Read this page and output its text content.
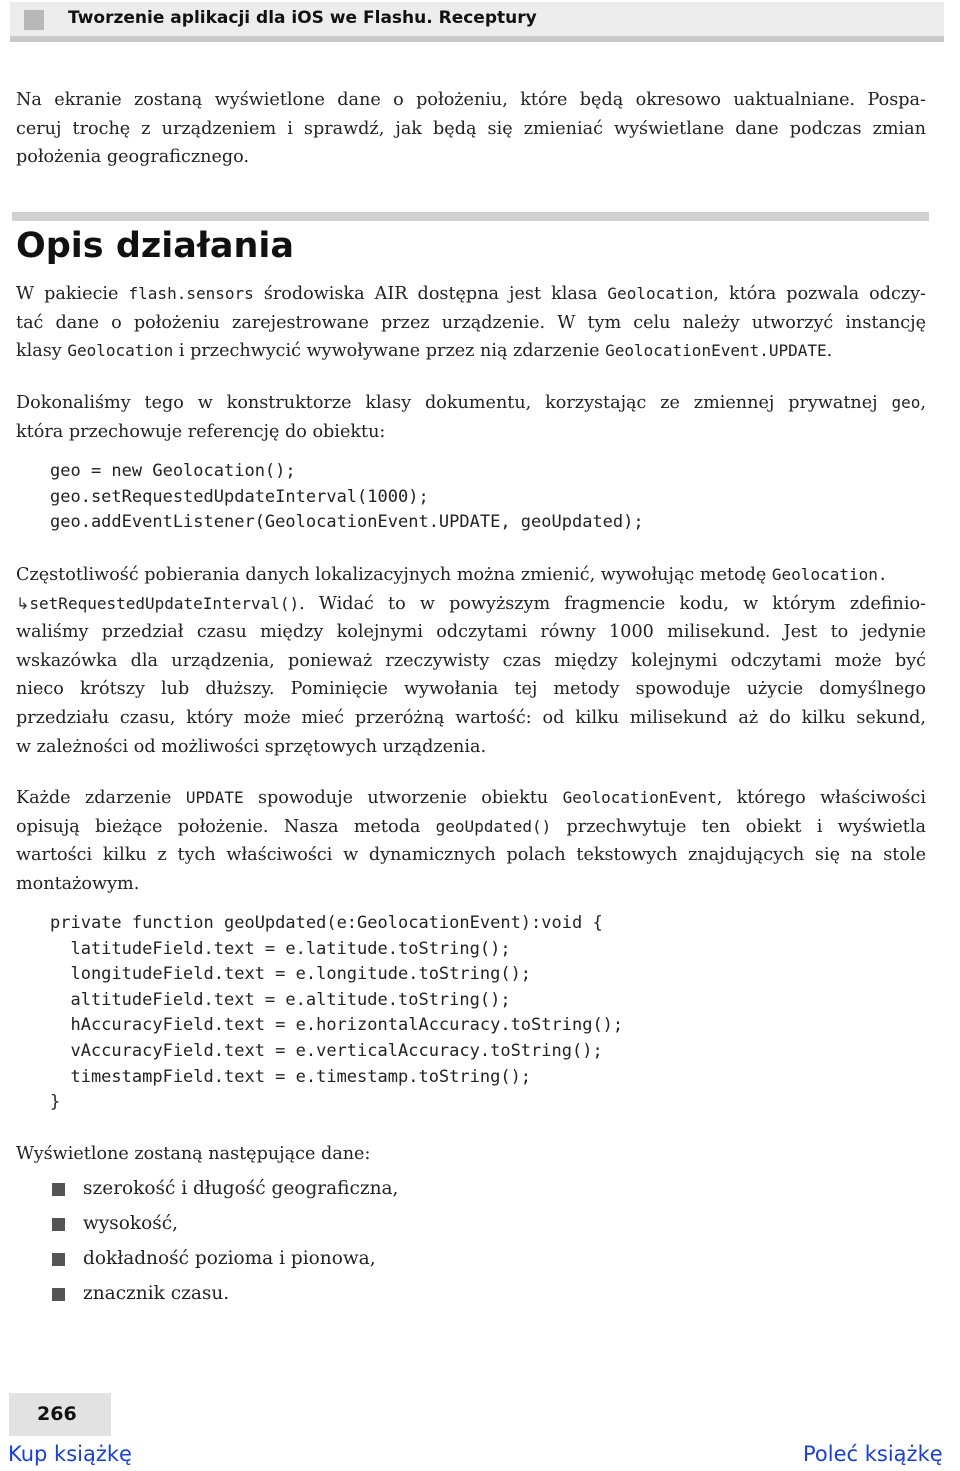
Tworzenie aplikacji dla iOS we Flashu. Receptury
Na ekranie zostaną wyświetlone dane o położeniu, które będą okresowo uaktualniane. Pospa-
ceruj trochę z urządzeniem i sprawdź, jak będą się zmieniać wyświetlane dane podczas zmian
położenia geograficznego.
Opis działania
W pakiecie flash.sensors środowiska AIR dostępna jest klasa Geolocation, która pozwala odczy-
tać dane o położeniu zarejestrowane przez urządzenie. W tym celu należy utworzyć instancję
klasy Geolocation i przechwycić wywoływane przez nią zdarzenie GeolocationEvent.UPDATE.
Dokonaliśmy tego w konstruktorze klasy dokumentu, korzystając ze zmiennej prywatnej geo,
która przechowuje referencję do obiektu:
geo = new Geolocation();
geo.setRequestedUpdateInterval(1000);
geo.addEventListener(GeolocationEvent.UPDATE, geoUpdated);
Częstotliwość pobierania danych lokalizacyjnych można zmienić, wywołując metodę Geolocation.
↳setRequestedUpdateInterval(). Widać to w powyższym fragmencie kodu, w którym zdefinio-
waliśmy przedział czasu między kolejnymi odczytami równy 1000 milisekund. Jest to jedynie
wskazówka dla urządzenia, ponieważ rzeczywisty czas między kolejnymi odczytami może być
nieco krótszy lub dłuższy. Pominięcie wywołania tej metody spowoduje użycie domyślnego
przedziału czasu, który może mieć przeróżną wartość: od kilku milisekund aż do kilku sekund,
w zależności od możliwości sprzętowych urządzenia.
Każde zdarzenie UPDATE spowoduje utworzenie obiektu GeolocationEvent, którego właściwości
opisują bieżące położenie. Nasza metoda geoUpdated() przechwytuje ten obiekt i wyświetla
wartości kilku z tych właściwości w dynamicznych polach tekstowych znajdujących się na stole
montażowym.
private function geoUpdated(e:GeolocationEvent):void {
latitudeField.text = e.latitude.toString();
longitudeField.text = e.longitude.toString();
altitudeField.text = e.altitude.toString();
hAccuracyField.text = e.horizontalAccuracy.toString();
vAccuracyField.text = e.verticalAccuracy.toString();
timestampField.text = e.timestamp.toString();
}
Wyświetlone zostaną następujące dane:
szerokość i długość geograficzna,
wysokość,
dokładność pozioma i pionowa,
znacznik czasu.
266
Kup książkę	Poleć książkę
